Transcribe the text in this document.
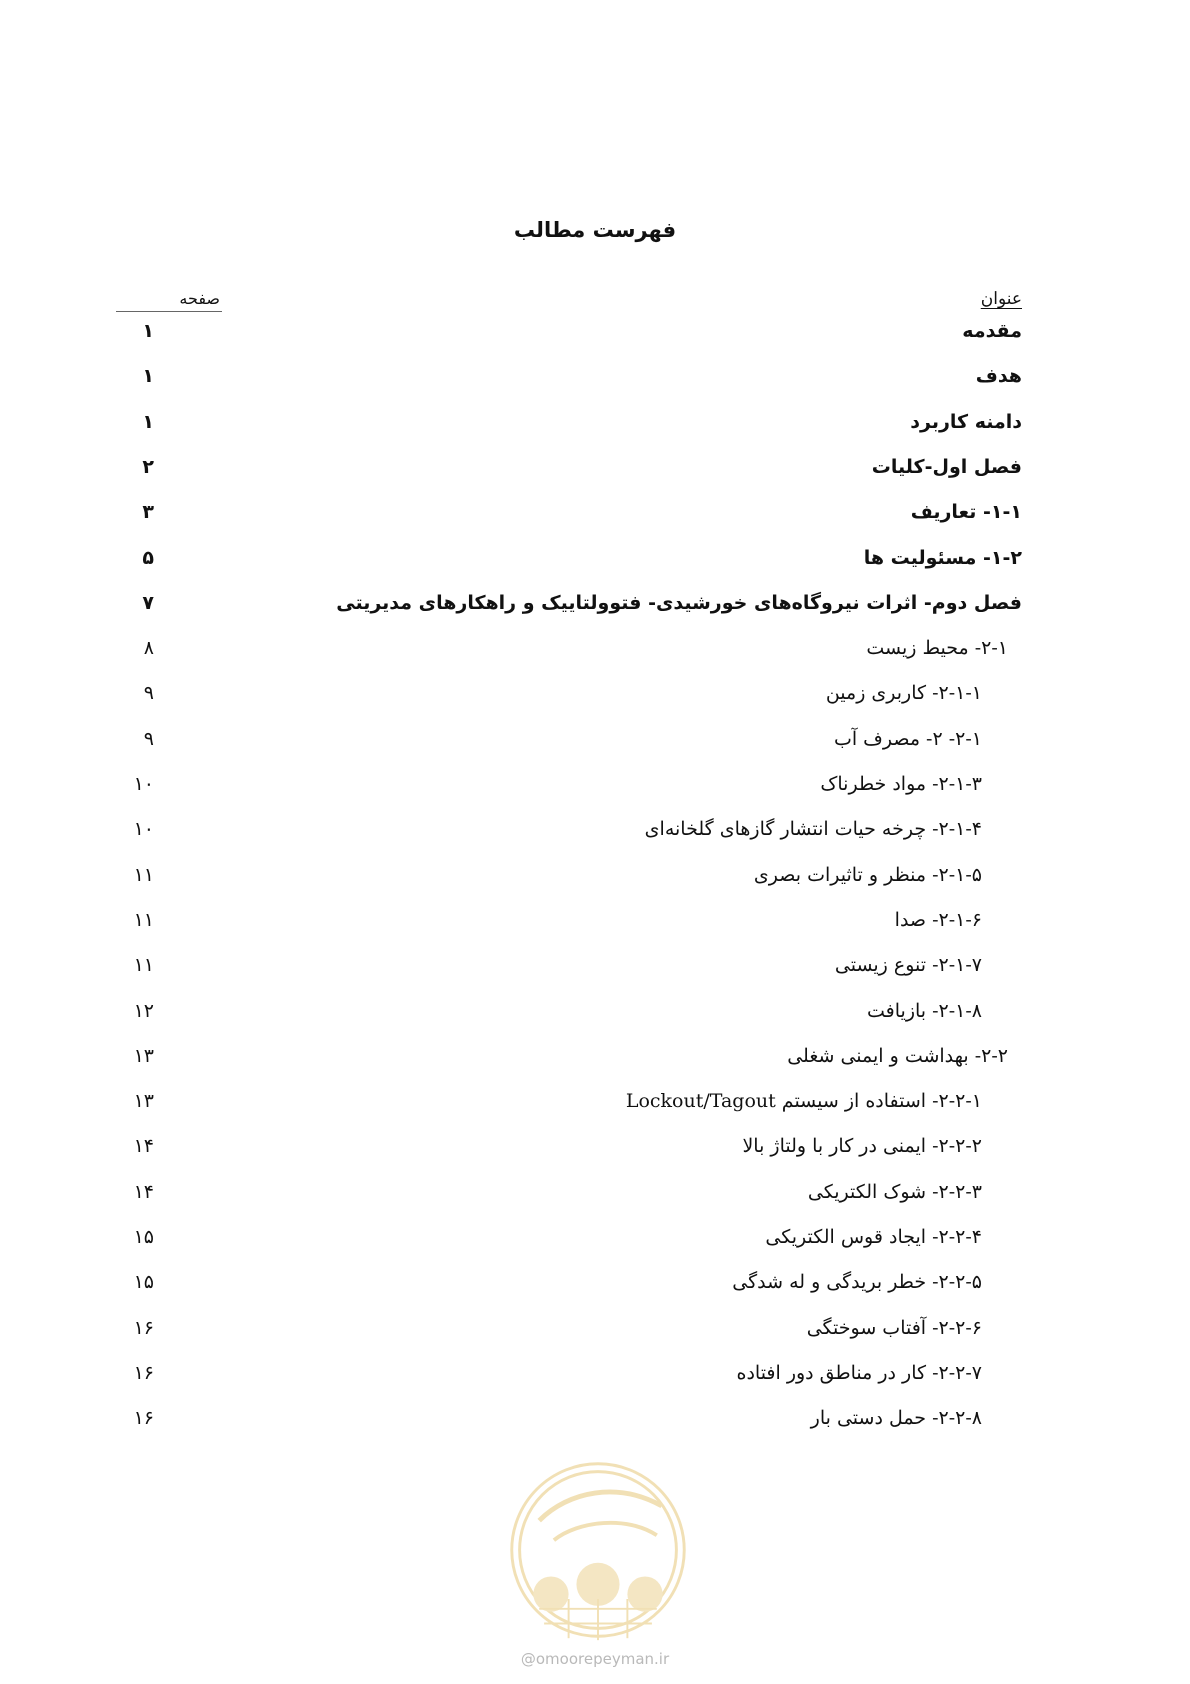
فهرست مطالب
عنوان
صفحه
مقدمه
۱
هدف
۱
دامنه کاربرد
۱
فصل اول-کلیات
۲
۱-۱- تعاریف
۳
۱-۲- مسئولیت ها
۵
فصل دوم- اثرات نیروگاه‌های خورشیدی- فتوولتاییک و راهکارهای مدیریتی
۷
۲-۱- محیط زیست
۸
۲-۱-۱- کاربری زمین
۹
۲-۱- ۲- مصرف آب
۹
۲-۱-۳- مواد خطرناک
۱۰
۲-۱-۴- چرخه حیات انتشار گازهای گلخانه‌ای
۱۰
۲-۱-۵- منظر و تاثیرات بصری
۱۱
۲-۱-۶- صدا
۱۱
۲-۱-۷- تنوع زیستی
۱۱
۲-۱-۸- بازیافت
۱۲
۲-۲- بهداشت و ایمنی شغلی
۱۳
۲-۲-۱- استفاده از سیستم Lockout/Tagout
۱۳
۲-۲-۲- ایمنی در کار با ولتاژ بالا
۱۴
۲-۲-۳- شوک الکتریکی
۱۴
۲-۲-۴- ایجاد قوس الکتریکی
۱۵
۲-۲-۵- خطر بریدگی و له شدگی
۱۵
۲-۲-۶- آفتاب سوختگی
۱۶
۲-۲-۷- کار در مناطق دور افتاده
۱۶
۲-۲-۸- حمل دستی بار
۱۶
@omoorepeyman.ir
